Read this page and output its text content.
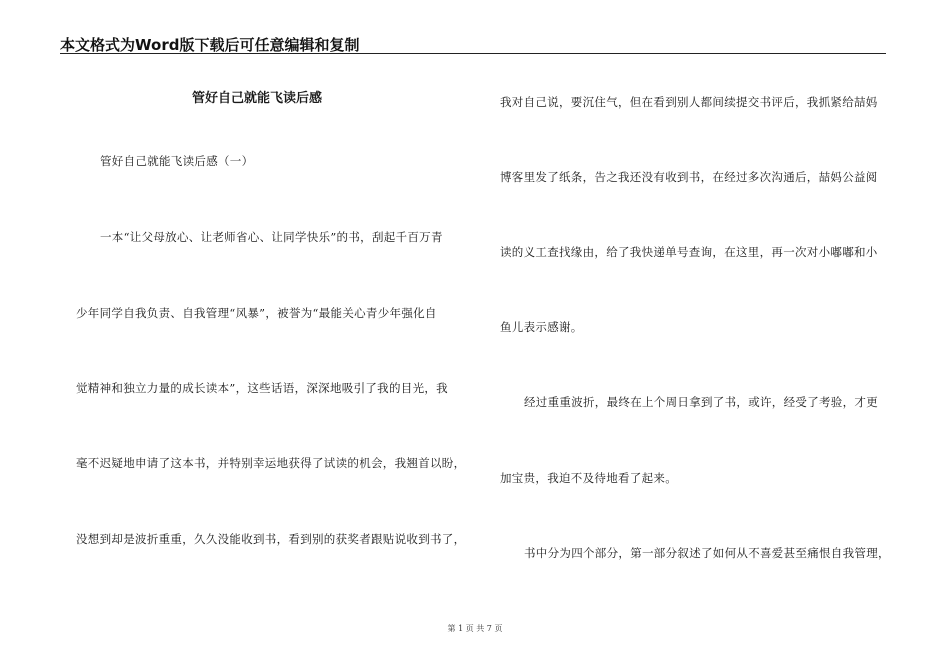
本文格式为Word版下载后可任意编辑和复制
管好自己就能飞读后感
管好自己就能飞读后感（一）
一本“让父母放心、让老师省心、让同学快乐”的书，刮起千百万青
少年同学自我负责、自我管理“风暴”，被誉为“最能关心青少年强化自
觉精神和独立力量的成长读本”，这些话语，深深地吸引了我的目光，我
毫不迟疑地申请了这本书，并特别幸运地获得了试读的机会，我翘首以盼，
没想到却是波折重重，久久没能收到书，看到别的获奖者跟贴说收到书了，
我对自己说，要沉住气，但在看到别人都间续提交书评后，我抓紧给喆妈
博客里发了纸条，告之我还没有收到书，在经过多次沟通后，喆妈公益阅
读的义工查找缘由，给了我快递单号查询，在这里，再一次对小嘟嘟和小
鱼儿表示感谢。
经过重重波折，最终在上个周日拿到了书，或许，经受了考验，才更
加宝贵，我迫不及待地看了起来。
书中分为四个部分，第一部分叙述了如何从不喜爱甚至痛恨自我管理，
第 1 页 共 7 页
